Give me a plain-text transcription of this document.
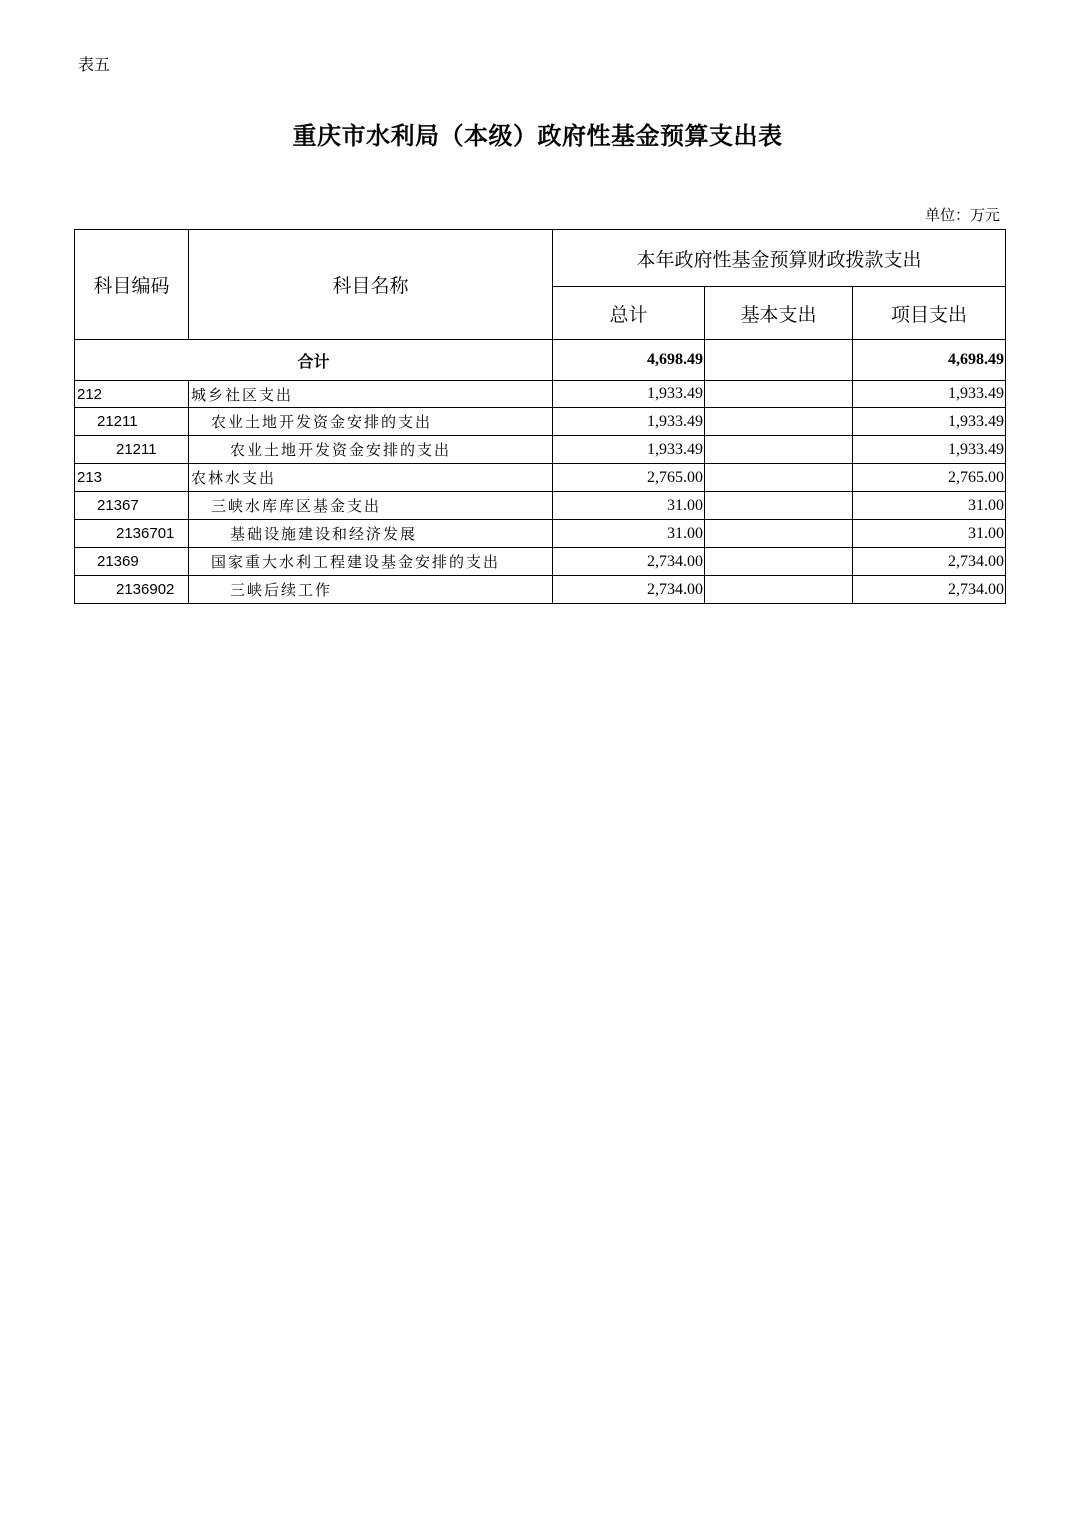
表五
重庆市水利局（本级）政府性基金预算支出表
单位：万元
科目编码	科目名称	本年政府性基金预算财政拨款支出		
		总计	基本支出	项目支出
合计		4,698.49		4,698.49
212	城乡社区支出	1,933.49		1,933.49
21211	农业土地开发资金安排的支出	1,933.49		1,933.49
21211	农业土地开发资金安排的支出	1,933.49		1,933.49
213	农林水支出	2,765.00		2,765.00
21367	三峡水库库区基金支出	31.00		31.00
2136701	基础设施建设和经济发展	31.00		31.00
21369	国家重大水利工程建设基金安排的支出	2,734.00		2,734.00
2136902	三峡后续工作	2,734.00		2,734.00
